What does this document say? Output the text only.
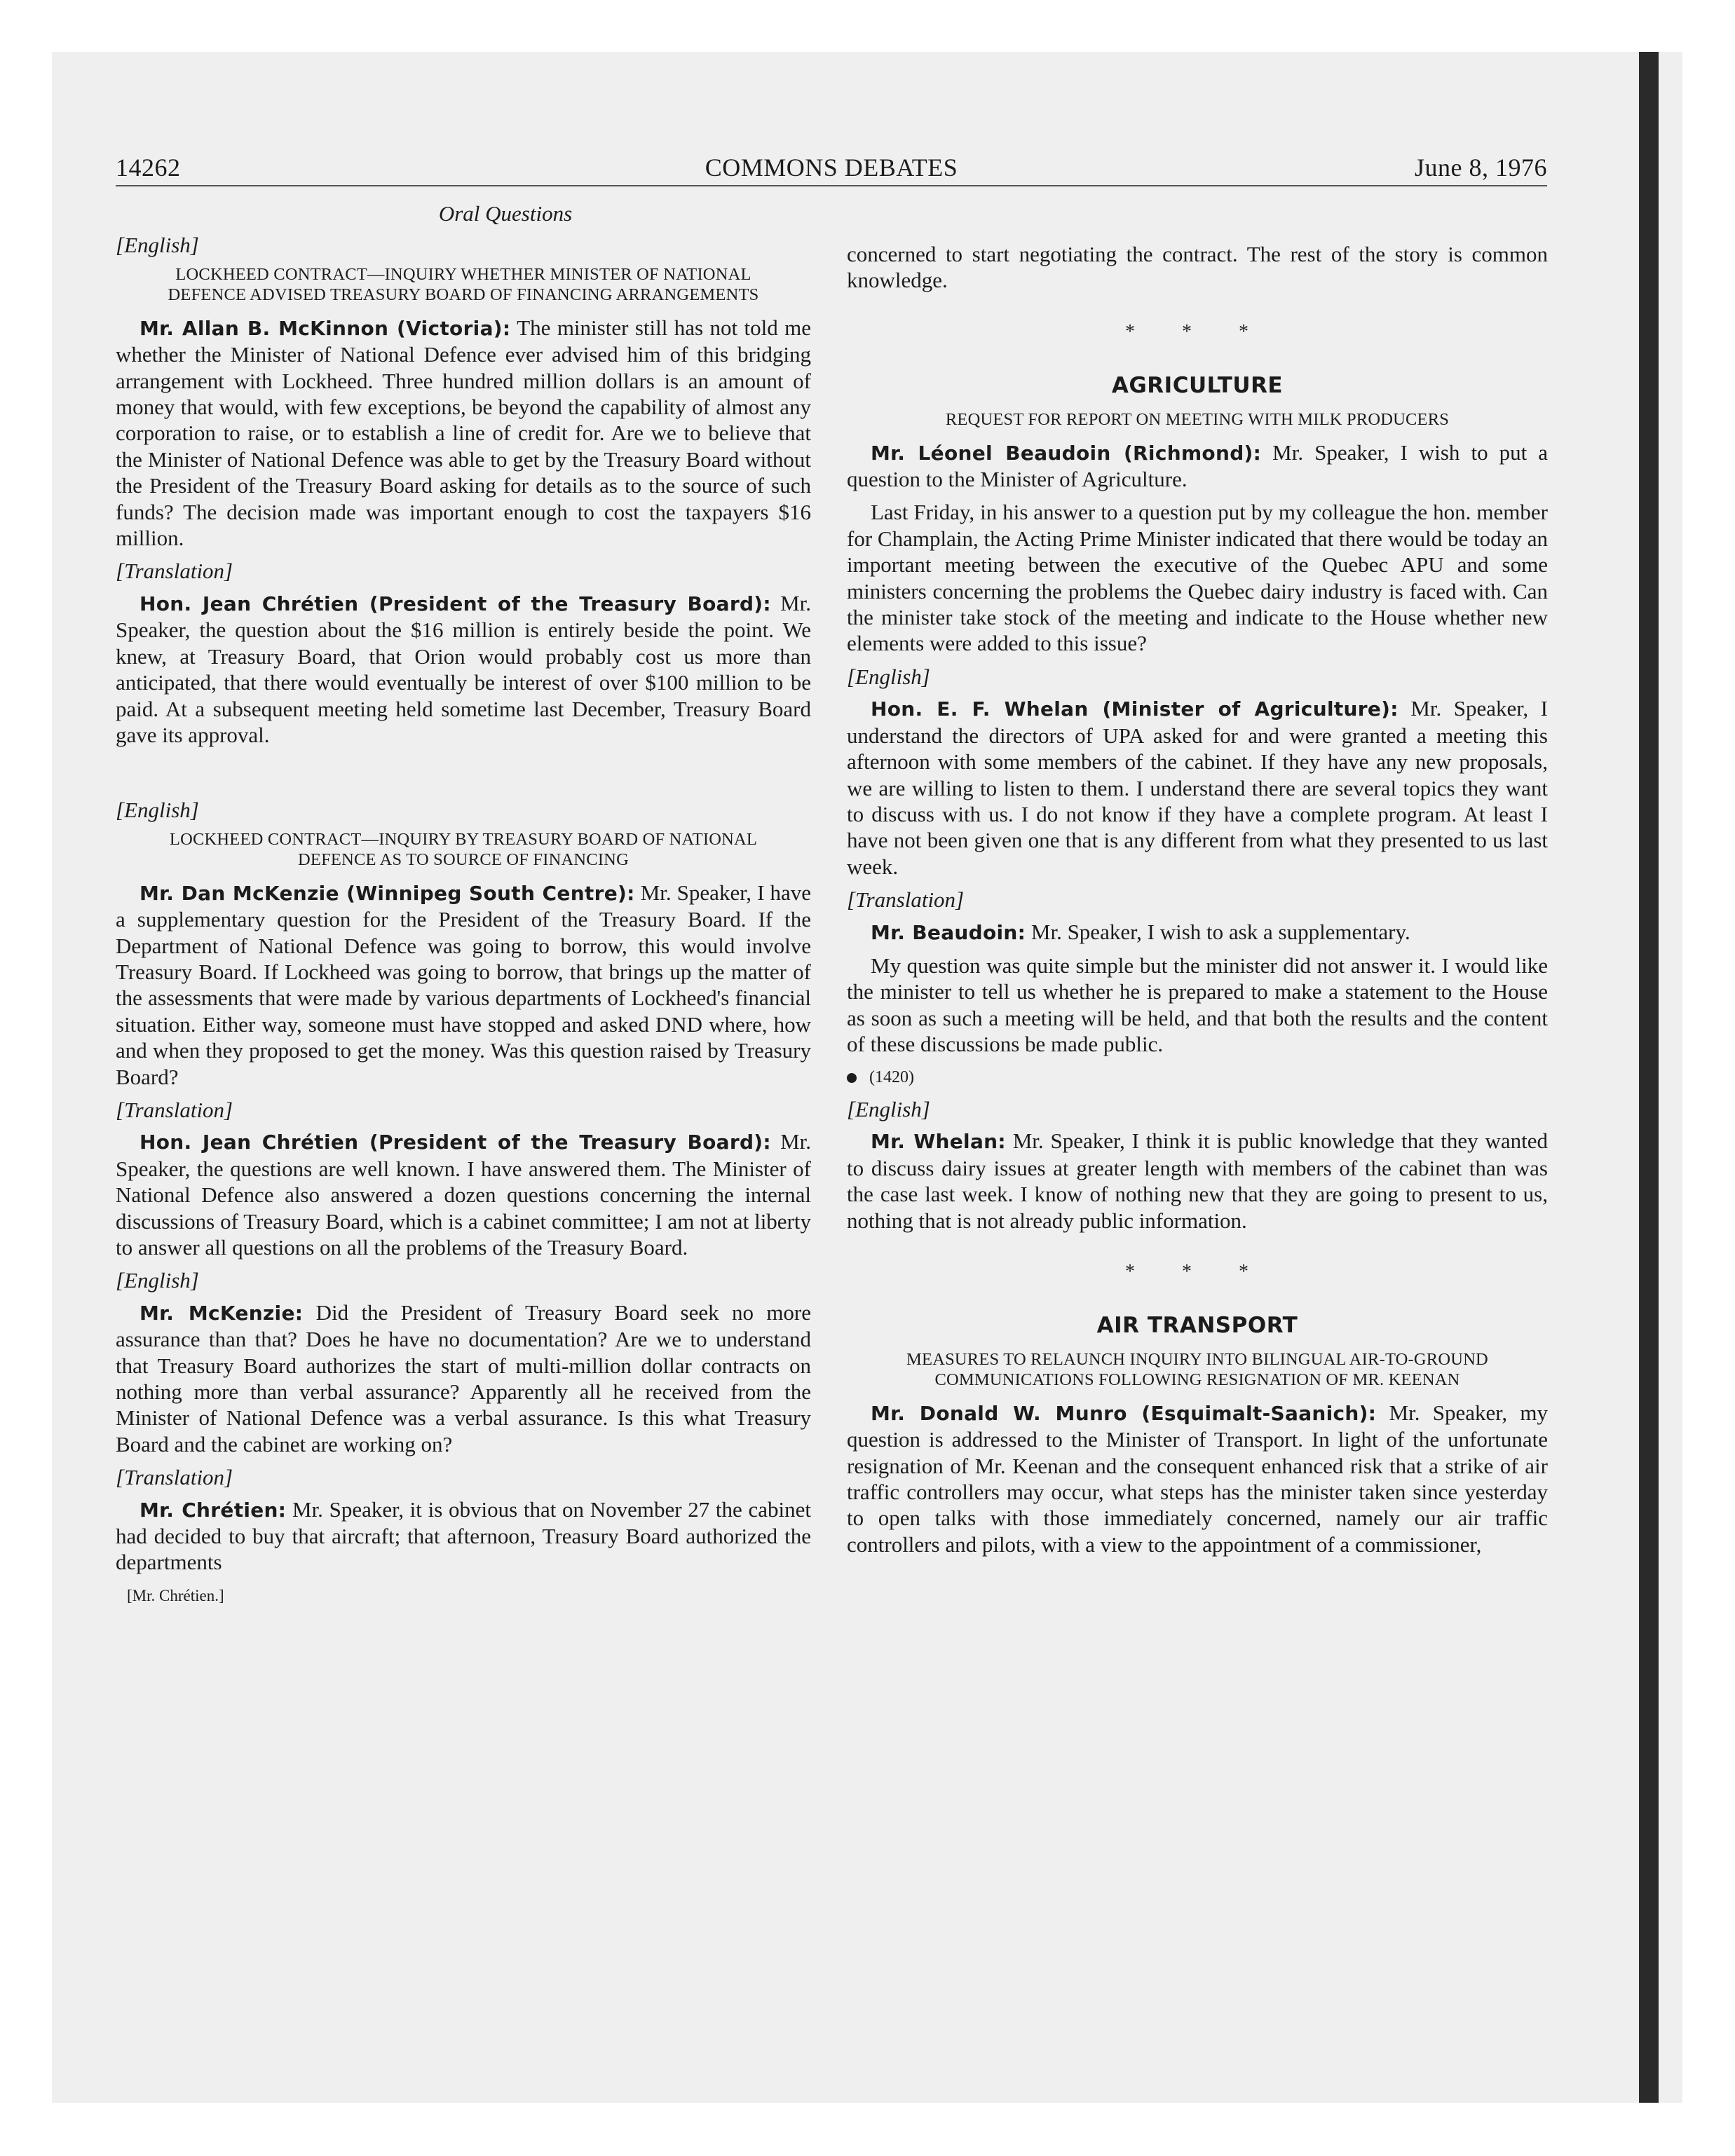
14262	COMMONS DEBATES	June 8, 1976
Oral Questions
[English]
LOCKHEED CONTRACT—INQUIRY WHETHER MINISTER OF NATIONAL DEFENCE ADVISED TREASURY BOARD OF FINANCING ARRANGEMENTS

Mr. Allan B. McKinnon (Victoria): The minister still has not told me whether the Minister of National Defence ever advised him of this bridging arrangement with Lockheed. Three hundred million dollars is an amount of money that would, with few exceptions, be beyond the capability of almost any corporation to raise, or to establish a line of credit for. Are we to believe that the Minister of National Defence was able to get by the Treasury Board without the President of the Treasury Board asking for details as to the source of such funds? The decision made was important enough to cost the taxpayers $16 million.

[Translation]

Hon. Jean Chrétien (President of the Treasury Board): Mr. Speaker, the question about the $16 million is entirely beside the point. We knew, at Treasury Board, that Orion would probably cost us more than anticipated, that there would eventually be interest of over $100 million to be paid. At a subsequent meeting held sometime last December, Treasury Board gave its approval.

[English]
LOCKHEED CONTRACT—INQUIRY BY TREASURY BOARD OF NATIONAL DEFENCE AS TO SOURCE OF FINANCING

Mr. Dan McKenzie (Winnipeg South Centre): Mr. Speaker, I have a supplementary question for the President of the Treasury Board. If the Department of National Defence was going to borrow, this would involve Treasury Board. If Lockheed was going to borrow, that brings up the matter of the assessments that were made by various departments of Lockheed's financial situation. Either way, someone must have stopped and asked DND where, how and when they proposed to get the money. Was this question raised by Treasury Board?

[Translation]

Hon. Jean Chrétien (President of the Treasury Board): Mr. Speaker, the questions are well known. I have answered them. The Minister of National Defence also answered a dozen questions concerning the internal discussions of Treasury Board, which is a cabinet committee; I am not at liberty to answer all questions on all the problems of the Treasury Board.

[English]

Mr. McKenzie: Did the President of Treasury Board seek no more assurance than that? Does he have no documentation? Are we to understand that Treasury Board authorizes the start of multi-million dollar contracts on nothing more than verbal assurance? Apparently all he received from the Minister of National Defence was a verbal assurance. Is this what Treasury Board and the cabinet are working on?

[Translation]

Mr. Chrétien: Mr. Speaker, it is obvious that on November 27 the cabinet had decided to buy that aircraft; that afternoon, Treasury Board authorized the departments

[Mr. Chrétien.]

concerned to start negotiating the contract. The rest of the story is common knowledge.

* * *
AGRICULTURE
REQUEST FOR REPORT ON MEETING WITH MILK PRODUCERS

Mr. Léonel Beaudoin (Richmond): Mr. Speaker, I wish to put a question to the Minister of Agriculture.

Last Friday, in his answer to a question put by my colleague the hon. member for Champlain, the Acting Prime Minister indicated that there would be today an important meeting between the executive of the Quebec APU and some ministers concerning the problems the Quebec dairy industry is faced with. Can the minister take stock of the meeting and indicate to the House whether new elements were added to this issue?

[English]

Hon. E. F. Whelan (Minister of Agriculture): Mr. Speaker, I understand the directors of UPA asked for and were granted a meeting this afternoon with some members of the cabinet. If they have any new proposals, we are willing to listen to them. I understand there are several topics they want to discuss with us. I do not know if they have a complete program. At least I have not been given one that is any different from what they presented to us last week.

[Translation]

Mr. Beaudoin: Mr. Speaker, I wish to ask a supplementary.

My question was quite simple but the minister did not answer it. I would like the minister to tell us whether he is prepared to make a statement to the House as soon as such a meeting will be held, and that both the results and the content of these discussions be made public.

(1420)
[English]

Mr. Whelan: Mr. Speaker, I think it is public knowledge that they wanted to discuss dairy issues at greater length with members of the cabinet than was the case last week. I know of nothing new that they are going to present to us, nothing that is not already public information.

* * *
AIR TRANSPORT
MEASURES TO RELAUNCH INQUIRY INTO BILINGUAL AIR-TO-GROUND COMMUNICATIONS FOLLOWING RESIGNATION OF MR. KEENAN

Mr. Donald W. Munro (Esquimalt-Saanich): Mr. Speaker, my question is addressed to the Minister of Transport. In light of the unfortunate resignation of Mr. Keenan and the consequent enhanced risk that a strike of air traffic controllers may occur, what steps has the minister taken since yesterday to open talks with those immediately concerned, namely our air traffic controllers and pilots, with a view to the appointment of a commissioner,
